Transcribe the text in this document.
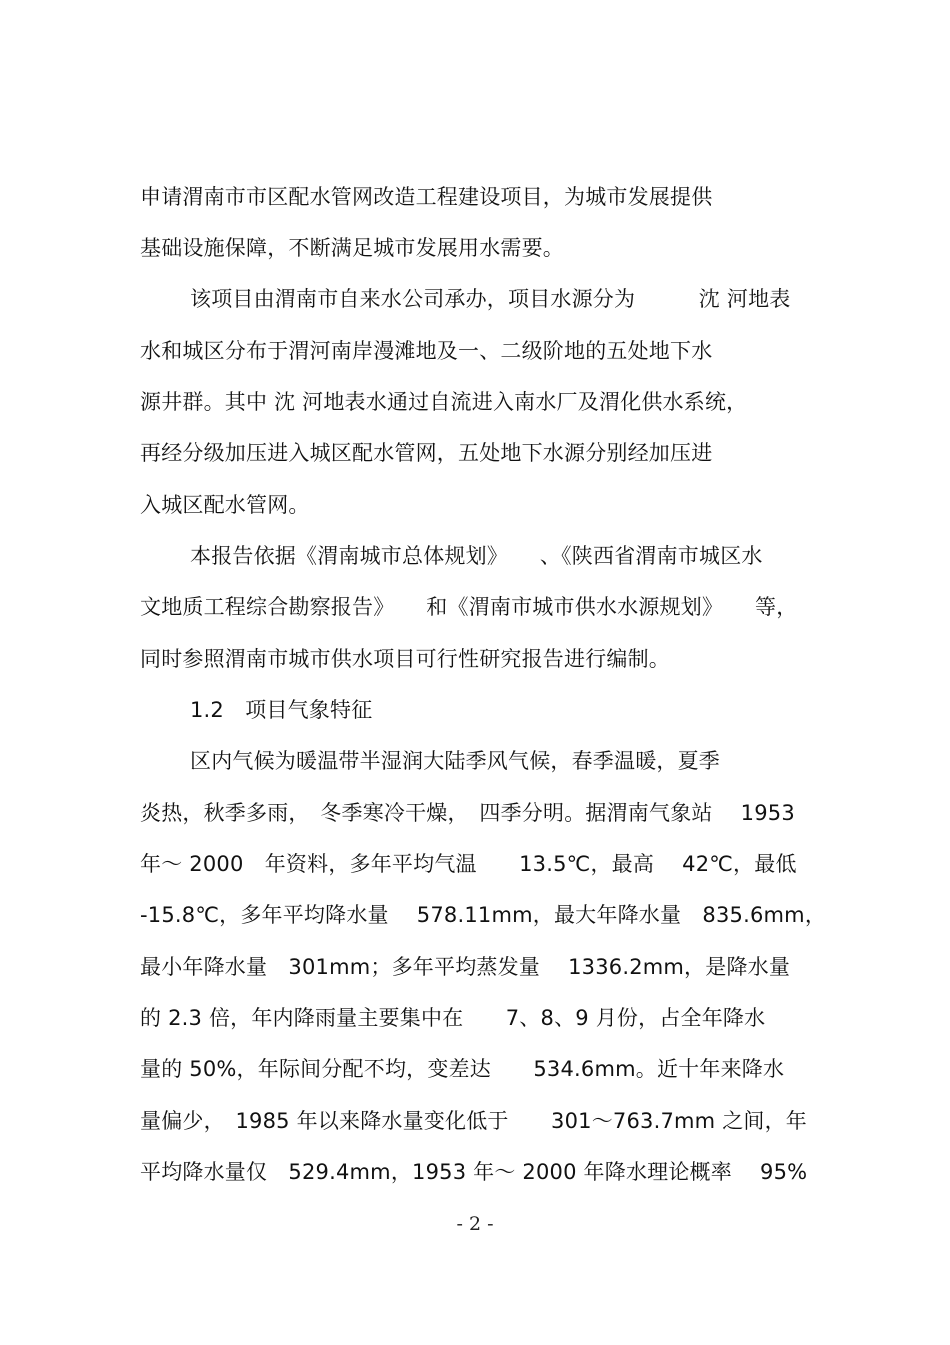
申请渭南市市区配水管网改造工程建设项目，为城市发展提供
基础设施保障，不断满足城市发展用水需要。
该项目由渭南市自来水公司承办，项目水源分为　　　沈 河地表
水和城区分布于渭河南岸漫滩地及一、二级阶地的五处地下水
源井群。其中 沈 河地表水通过自流进入南水厂及渭化供水系统，
再经分级加压进入城区配水管网，五处地下水源分别经加压进
入城区配水管网。
本报告依据《渭南城市总体规划》　　、《陕西省渭南市城区水
文地质工程综合勘察报告》　　和《渭南市城市供水水源规划》　　等，
同时参照渭南市城市供水项目可行性研究报告进行编制。
1.2　项目气象特征
区内气候为暖温带半湿润大陆季风气候，春季温暖，夏季
炎热，秋季多雨，　冬季寒冷干燥，　四季分明。据渭南气象站　 1953
年～ 2000　年资料，多年平均气温　　13.5℃，最高　 42℃，最低
-15.8℃，多年平均降水量　 578.11mm，最大年降水量　835.6mm，
最小年降水量　301mm；多年平均蒸发量　 1336.2mm，是降水量
的 2.3 倍，年内降雨量主要集中在　　7、8、9 月份，占全年降水
量的 50%，年际间分配不均，变差达　　534.6mm。近十年来降水
量偏少，　1985 年以来降水量变化低于　　301～763.7mm 之间，年
平均降水量仅　529.4mm，1953 年～ 2000 年降水理论概率　 95%
- 2 -
